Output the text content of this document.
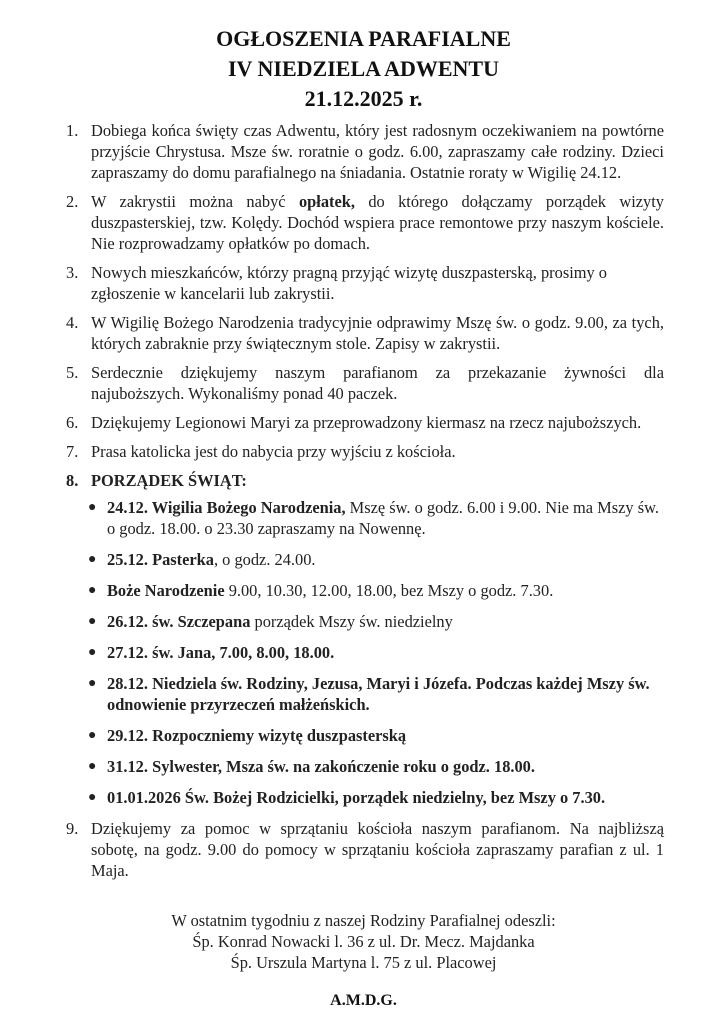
OGŁOSZENIA PARAFIALNE
IV NIEDZIELA ADWENTU
21.12.2025 r.
1. Dobiega końca święty czas Adwentu, który jest radosnym oczekiwaniem na powtórne przyjście Chrystusa. Msze św. roratnie o godz. 6.00, zapraszamy całe rodziny. Dzieci zapraszamy do domu parafialnego na śniadania. Ostatnie roraty w Wigilię 24.12.
2. W zakrystii można nabyć opłatek, do którego dołączamy porządek wizyty duszpasterskiej, tzw. Kolędy. Dochód wspiera prace remontowe przy naszym kościele. Nie rozprowadzamy opłatków po domach.
3. Nowych mieszkańców, którzy pragną przyjąć wizytę duszpasterską, prosimy o zgłoszenie w kancelarii lub zakrystii.
4. W Wigilię Bożego Narodzenia tradycyjnie odprawimy Mszę św. o godz. 9.00, za tych, których zabraknie przy świątecznym stole. Zapisy w zakrystii.
5. Serdecznie dziękujemy naszym parafianom za przekazanie żywności dla najuboższych. Wykonaliśmy ponad 40 paczek.
6. Dziękujemy Legionowi Maryi za przeprowadzony kiermasz na rzecz najuboższych.
7. Prasa katolicka jest do nabycia przy wyjściu z kościoła.
8. PORZĄDEK ŚWIĄT:
● 24.12. Wigilia Bożego Narodzenia, Mszę św. o godz. 6.00 i 9.00. Nie ma Mszy św. o godz. 18.00. o 23.30 zapraszamy na Nowennę.
● 25.12. Pasterka, o godz. 24.00.
● Boże Narodzenie 9.00, 10.30, 12.00, 18.00, bez Mszy o godz. 7.30.
● 26.12. św. Szczepana porządek Mszy św. niedzielny
● 27.12. św. Jana, 7.00, 8.00, 18.00.
● 28.12. Niedziela św. Rodziny, Jezusa, Maryi i Józefa. Podczas każdej Mszy św. odnowienie przyrzeczeń małżeńskich.
● 29.12. Rozpoczniemy wizytę duszpasterską
● 31.12. Sylwester, Msza św. na zakończenie roku o godz. 18.00.
● 01.01.2026 Św. Bożej Rodzicielki, porządek niedzielny, bez Mszy o 7.30.
9. Dziękujemy za pomoc w sprzątaniu kościoła naszym parafianom. Na najbliższą sobotę, na godz. 9.00 do pomocy w sprzątaniu kościoła zapraszamy parafian z ul. 1 Maja.
W ostatnim tygodniu z naszej Rodziny Parafialnej odeszli:
Śp. Konrad Nowacki l. 36 z ul. Dr. Mecz. Majdanka
Śp. Urszula Martyna l. 75 z ul. Placowej
A.M.D.G.
